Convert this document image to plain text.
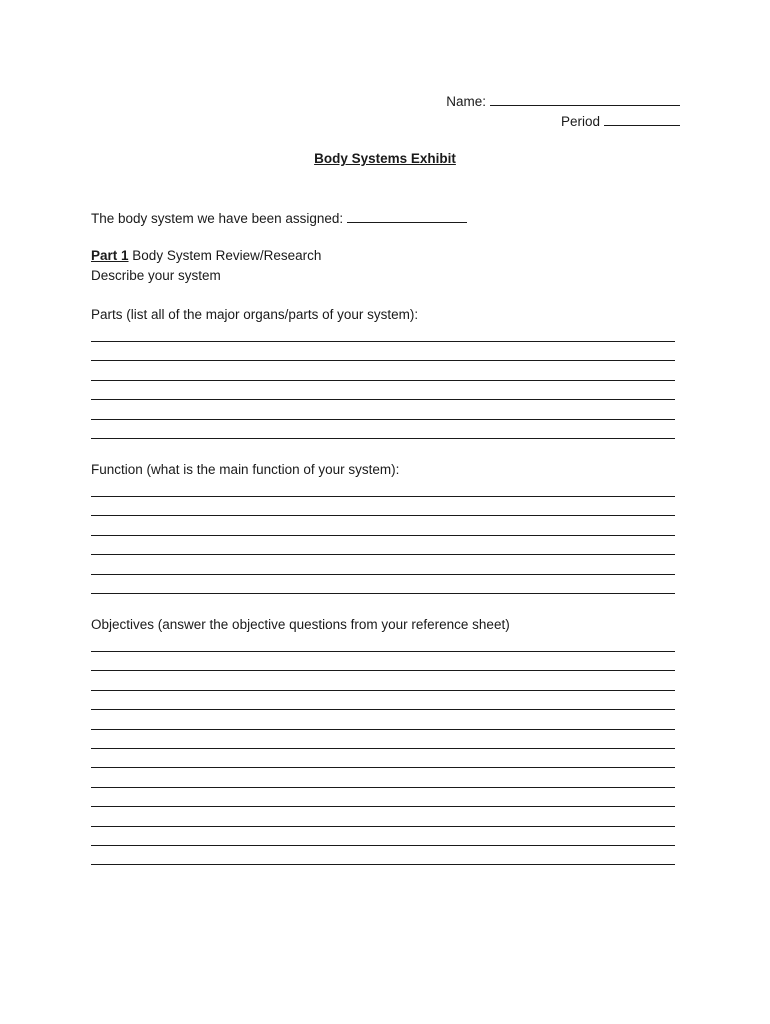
Name:
Period
Body Systems Exhibit
The body system we have been assigned:
Part 1 Body System Review/Research
Describe your system
Parts (list all of the major organs/parts of your system):
Function (what is the main function of your system):
Objectives (answer the objective questions from your reference sheet)
